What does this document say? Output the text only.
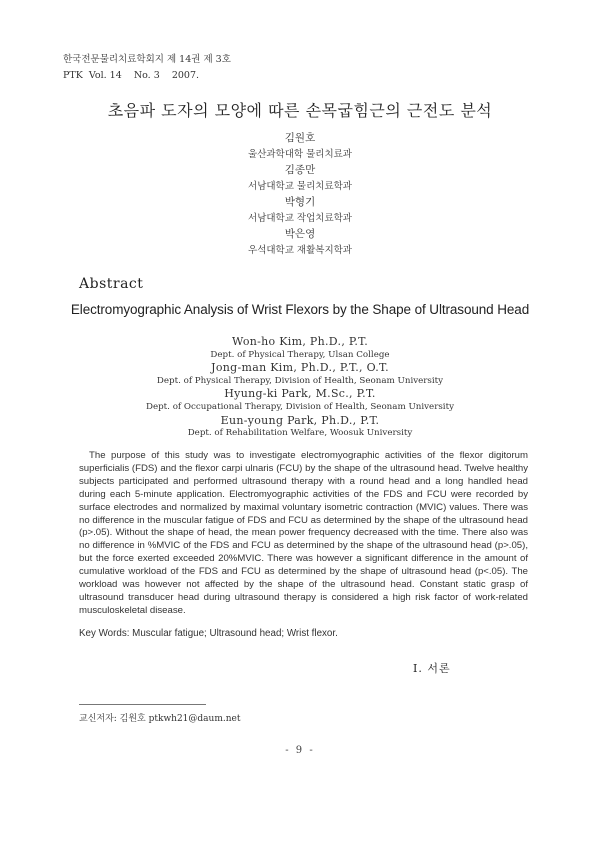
한국전문물리치료학회지 제 14권 제 3호
PTK  Vol. 14    No. 3    2007.
초음파 도자의 모양에 따른 손목굽힘근의 근전도 분석
김원호
울산과학대학 물리치료과
김종만
서남대학교 물리치료학과
박형기
서남대학교 작업치료학과
박은영
우석대학교 재활복지학과
Abstract
Electromyographic Analysis of Wrist Flexors by the Shape of Ultrasound Head
Won-ho Kim, Ph.D., P.T.
Dept. of Physical Therapy, Ulsan College
Jong-man Kim, Ph.D., P.T., O.T.
Dept. of Physical Therapy, Division of Health, Seonam University
Hyung-ki Park, M.Sc., P.T.
Dept. of Occupational Therapy, Division of Health, Seonam University
Eun-young Park, Ph.D., P.T.
Dept. of Rehabilitation Welfare, Woosuk University

The purpose of this study was to investigate electromyographic activities of the flexor digitorum superficialis (FDS) and the flexor carpi ulnaris (FCU) by the shape of the ultrasound head. Twelve healthy subjects participated and performed ultrasound therapy with a round head and a long handled head during each 5-minute application. Electromyographic activities of the FDS and FCU were recorded by surface electrodes and normalized by maximal voluntary isometric contraction (MVIC) values. There was no difference in the muscular fatigue of FDS and FCU as determined by the shape of the ultrasound head (p>.05). Without the shape of head, the mean power frequency decreased with the time. There also was no difference in %MVIC of the FDS and FCU as determined by the shape of the ultrasound head (p>.05), but the force exerted exceeded 20%MVIC. There was however a significant difference in the amount of cumulative workload of the FDS and FCU as determined by the shape of ultrasound head (p<.05). The workload was however not affected by the shape of the ultrasound head. Constant static grasp of ultrasound transducer head during ultrasound therapy is considered a high risk factor of work-related musculoskeletal disease.

Key Words: Muscular fatigue; Ultrasound head; Wrist flexor.
Ⅰ. 서론
교신저자: 김원호 ptkwh21@daum.net
- 9 -
